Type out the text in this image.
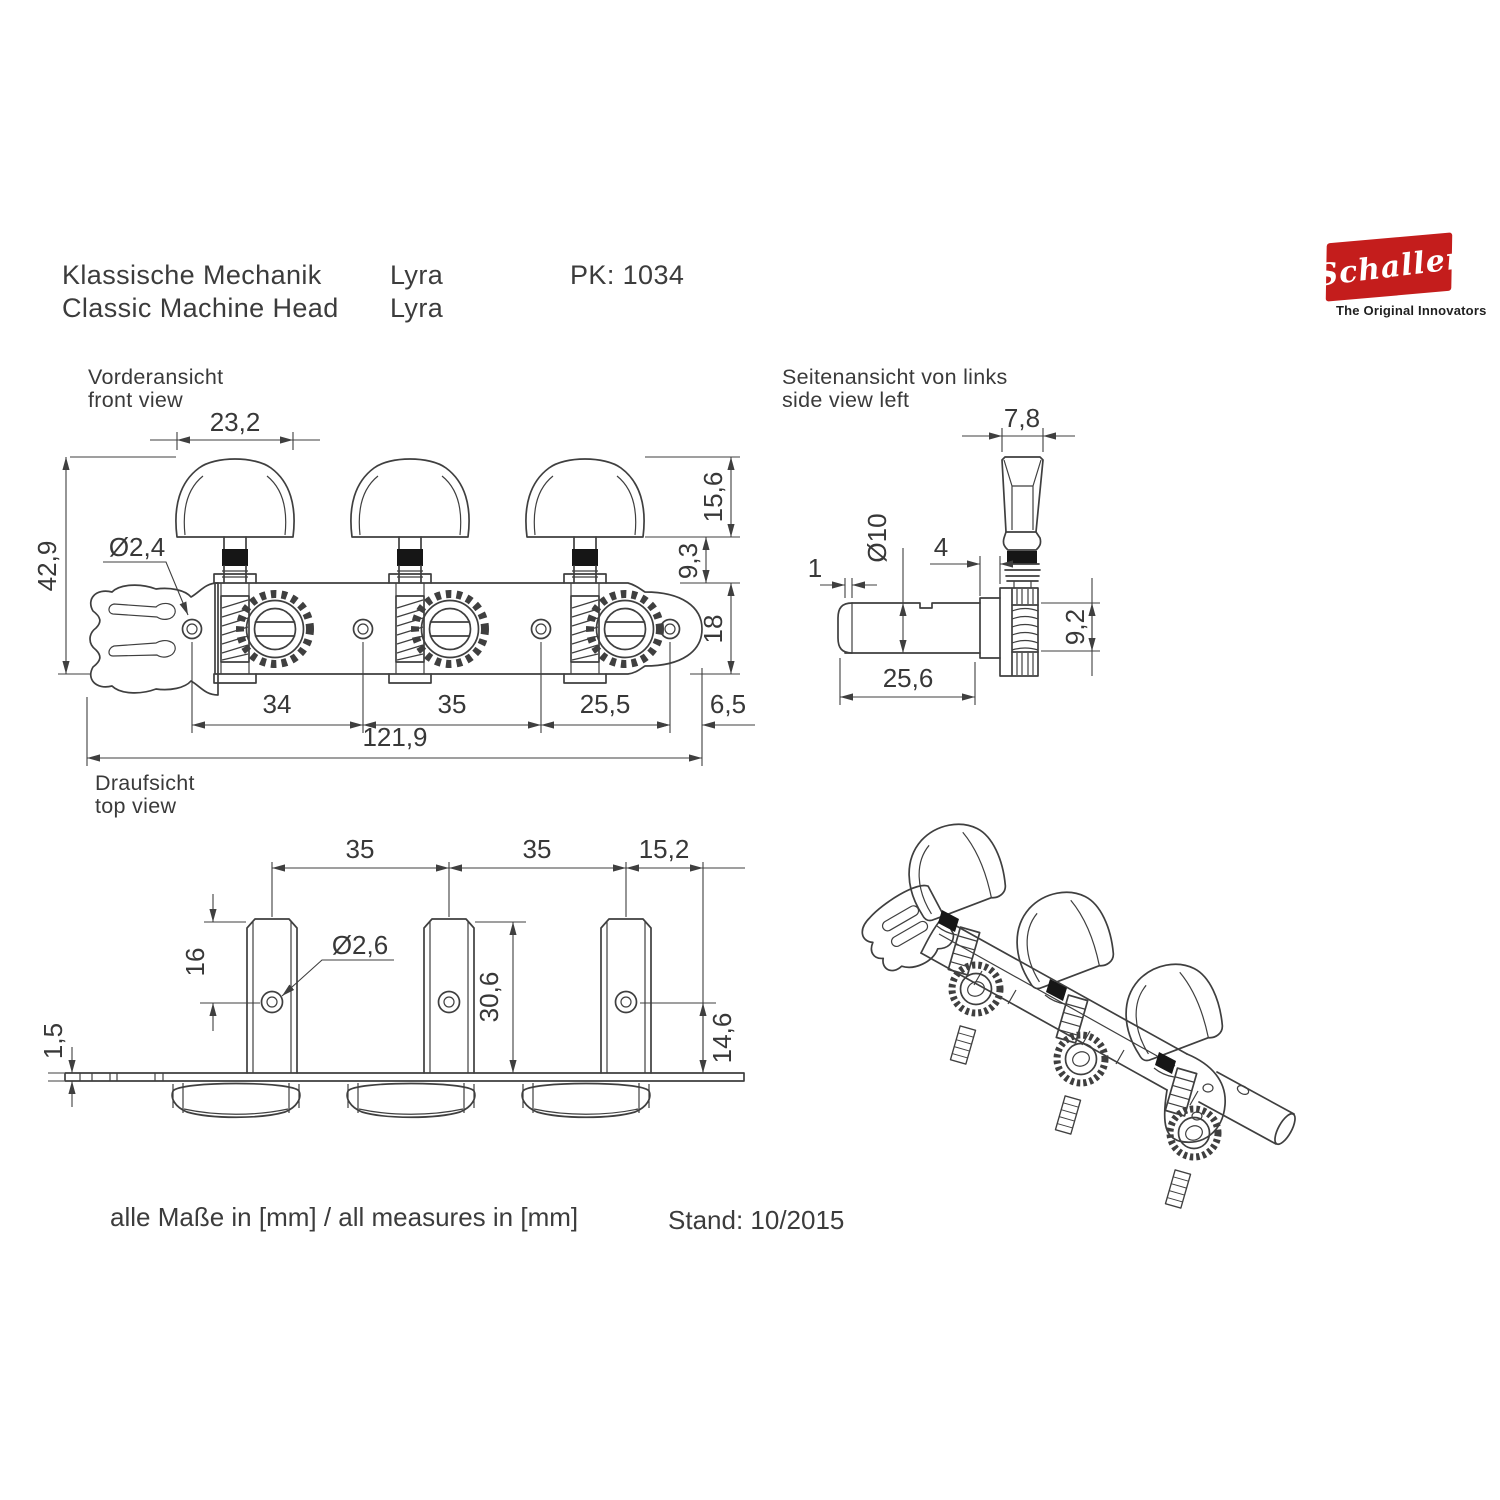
Klassische Mechanik
Classic Machine Head
Lyra
Lyra
PK: 1034	Schaller
The Original Innovators
Vorderansicht
front view
Seitenansicht von links
side view left
Draufsicht
top view
23,2
42,9 Ø2,4
15,6
9,3
18
34	35	25,5	6,5
121,9
7,8
1
4
Ø10
9,2
25,6
35	35	15,2
16
Ø2,6
30,6
14,6
1,5
alle Maße in [mm] / all measures in [mm]	Stand: 10/2015
